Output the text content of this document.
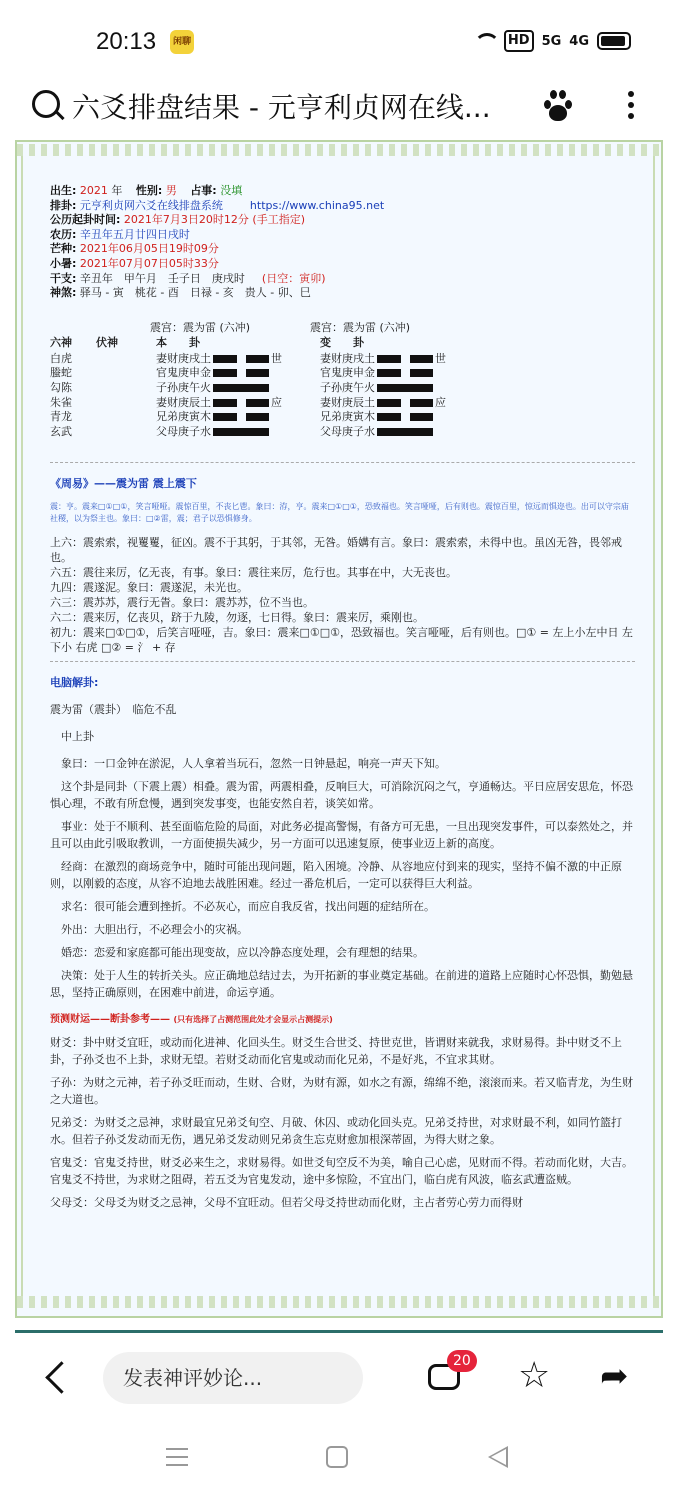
20:13	闲聊	HD 5G 4G
六爻排盘结果 - 元亨利贞网在线...
出生: 2021 年 性别: 男 占事: 没填
排卦: 元亨利贞网六爻在线排盘系统 https://www.china95.net
公历起卦时间: 2021年7月3日20时12分 (手工指定)
农历: 辛丑年五月廿四日戌时
芒种: 2021年06月05日19时09分
小暑: 2021年07月07日05时33分
干支: 辛丑年　甲午月　壬子日　庚戌时 (日空：寅卯)
神煞: 驿马 - 寅　桃花 - 酉　日禄 - 亥　贵人 - 卯、巳
震宫：震为雷 (六冲)	震宫：震为雷 (六冲)
六神 伏神	本　　卦	变　　卦
白虎		妻财庚戌土 世	妻财庚戌土 世
螣蛇		官鬼庚申金	官鬼庚申金
勾陈		子孙庚午火	子孙庚午火
朱雀		妻财庚辰土 应	妻财庚辰土 应
青龙		兄弟庚寅木	兄弟庚寅木
玄武		父母庚子水	父母庚子水
《周易》——震为雷 震上震下
震：亨。震来□①□①，笑言哑哑。震惊百里，不丧匕鬯。象曰：洊，亨。震来□①□①，恐致福也。笑言哑哑，后有则也。震惊百里，惊远而惧迩也。出可以守宗庙社稷，以为祭主也。象曰：□②雷，震；君子以恐惧修身。

上六：震索索，视矍矍，征凶。震不于其躬，于其邻，无咎。婚媾有言。象曰：震索索，未得中也。虽凶无咎，畏邻戒也。

六五：震往来厉，亿无丧，有事。象曰：震往来厉，危行也。其事在中，大无丧也。

九四：震遂泥。象曰：震遂泥，未光也。

六三：震苏苏，震行无眚。象曰：震苏苏，位不当也。

六二：震来厉，亿丧贝，跻于九陵，勿逐，七日得。象曰：震来厉，乘刚也。

初九：震来□①□①，后笑言哑哑，吉。象曰：震来□①□①，恐致福也。笑言哑哑，后有则也。□① = 左上小左中日 左下小 右虎 □② = 氵 + 存

电脑解卦:

震为雷（震卦）　临危不乱

中上卦

象曰：一口金钟在淤泥，人人拿着当玩石，忽然一日钟悬起，响亮一声天下知。

这个卦是同卦（下震上震）相叠。震为雷，两震相叠，反响巨大，可消除沉闷之气，亨通畅达。平日应居安思危，怀恐惧心理，不敢有所怠慢，遇到突发事变，也能安然自若，谈笑如常。

事业：处于不顺利、甚至面临危险的局面，对此务必提高警惕，有备方可无患，一旦出现突发事件，可以泰然处之，并且可以由此引吸取教训，一方面使损失减少，另一方面可以迅速复原，使事业迈上新的高度。

经商：在激烈的商场竞争中，随时可能出现问题，陷入困境。冷静、从容地应付到来的现实，坚持不偏不激的中正原则，以刚毅的态度，从容不迫地去战胜困难。经过一番危机后，一定可以获得巨大利益。

求名：很可能会遭到挫折。不必灰心，而应自我反省，找出问题的症结所在。

外出：大胆出行，不必理会小的灾祸。

婚恋：恋爱和家庭都可能出现变故，应以冷静态度处理，会有理想的结果。

决策：处于人生的转折关头。应正确地总结过去，为开拓新的事业奠定基础。在前进的道路上应随时心怀恐惧，勤勉悬思，坚持正确原则，在困难中前进，命运亨通。

预测财运——断卦参考—— (只有选择了占测范围此处才会显示占测提示)

财爻：卦中财爻宜旺，或动而化进神、化回头生。财爻生合世爻、持世克世，皆谓财来就我，求财易得。卦中财爻不上卦，子孙爻也不上卦，求财无望。若财爻动而化官鬼或动而化兄弟，不是好兆，不宜求其财。

子孙：为财之元神，若子孙爻旺而动，生财、合财，为财有源，如水之有源，绵绵不绝，滚滚而来。若又临青龙，为生财之大道也。

兄弟爻：为财爻之忌神，求财最宜兄弟爻旬空、月破、休囚、或动化回头克。兄弟爻持世，对求财最不利，如同竹篮打水。但若子孙爻发动而无伤，遇兄弟爻发动则兄弟贪生忘克财愈加根深蒂固，为得大财之象。

官鬼爻：官鬼爻持世，财爻必来生之，求财易得。如世爻旬空反不为美，喻自己心虑，见财而不得。若动而化财，大吉。官鬼爻不持世，为求财之阻碍，若五爻为官鬼发动，途中多惊险，不宜出门，临白虎有风波，临玄武遭盗贼。

父母爻：父母爻为财爻之忌神，父母不宜旺动。但若父母爻持世动而化财，主占者劳心劳力而得财

发表神评妙论...
20 ☆ ➦
